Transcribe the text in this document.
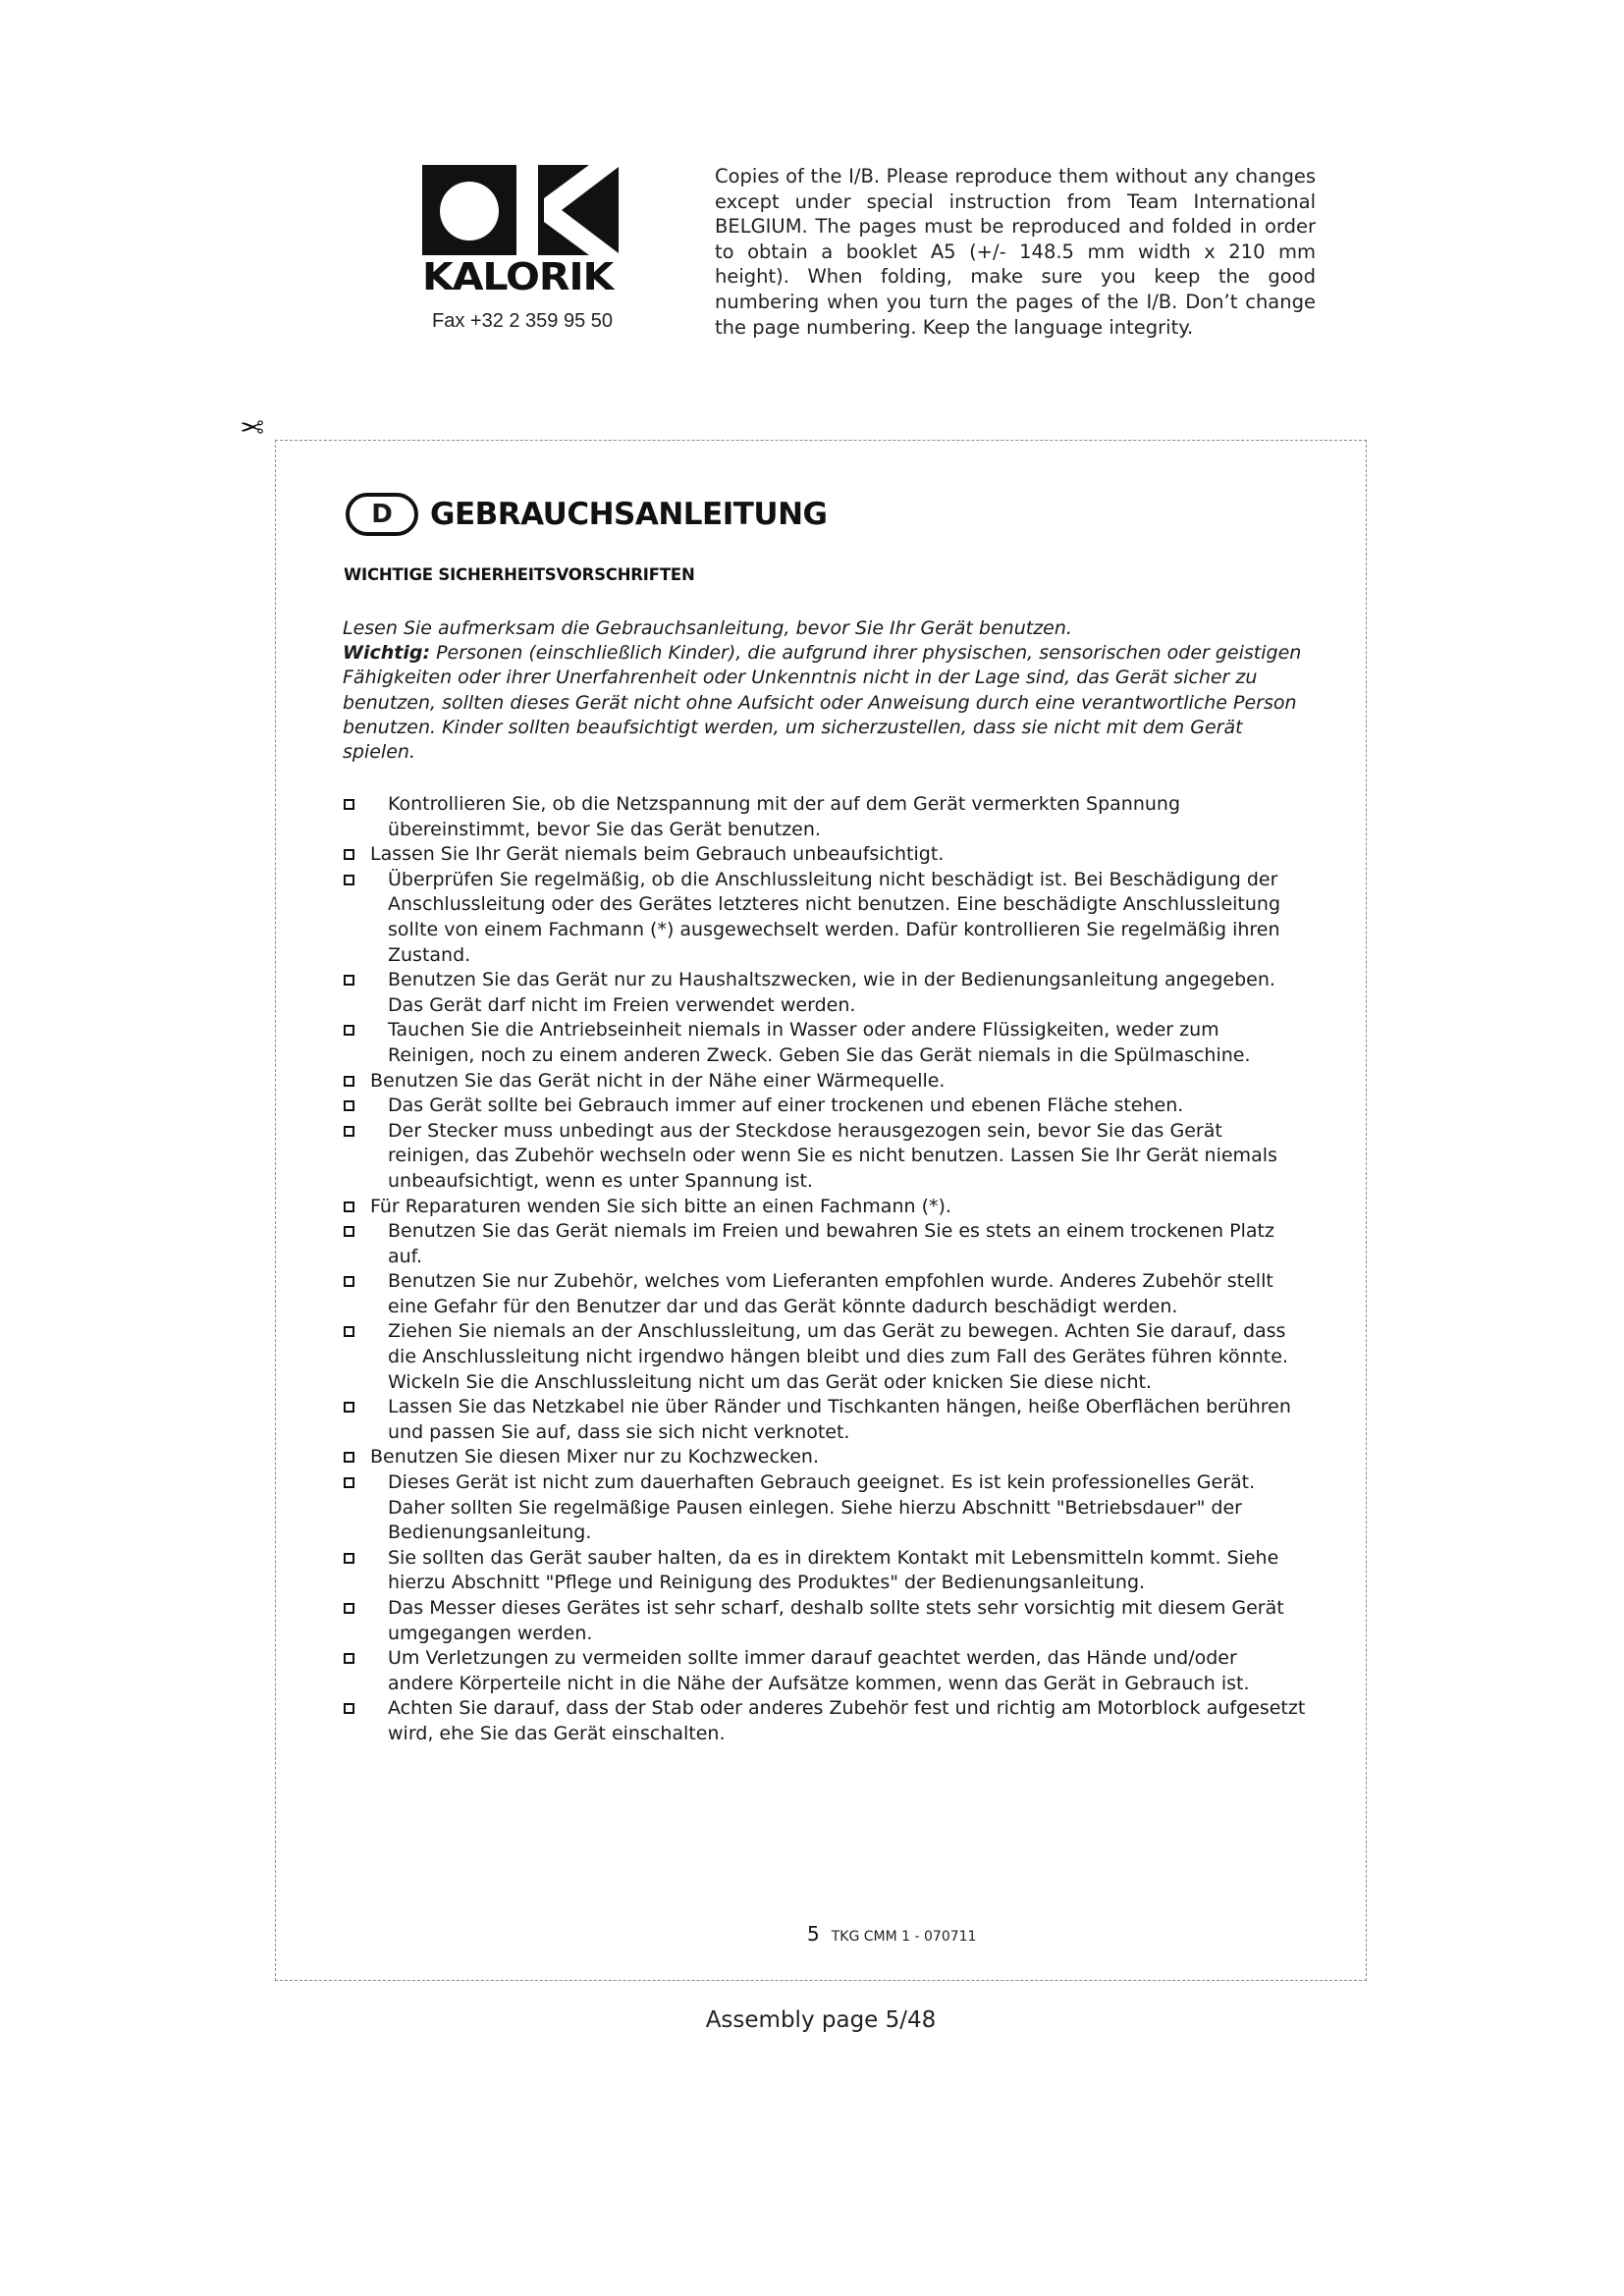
KALORIK
Fax +32 2 359 95 50
Copies of the I/B. Please reproduce them without any changes except under special instruction from Team International BELGIUM. The pages must be reproduced and folded in order to obtain a booklet A5 (+/- 148.5 mm width x 210 mm height). When folding, make sure you keep the good numbering when you turn the pages of the I/B. Don’t change the page numbering. Keep the language integrity.
✂
D	GEBRAUCHSANLEITUNG
WICHTIGE SICHERHEITSVORSCHRIFTEN

Lesen Sie aufmerksam die Gebrauchsanleitung, bevor Sie Ihr Gerät benutzen.

Wichtig: Personen (einschließlich Kinder), die aufgrund ihrer physischen, sensorischen oder geistigen Fähigkeiten oder ihrer Unerfahrenheit oder Unkenntnis nicht in der Lage sind, das Gerät sicher zu benutzen, sollten dieses Gerät nicht ohne Aufsicht oder Anweisung durch eine verantwortliche Person benutzen. Kinder sollten beaufsichtigt werden, um sicherzustellen, dass sie nicht mit dem Gerät spielen.

Kontrollieren Sie, ob die Netzspannung mit der auf dem Gerät vermerkten Spannung übereinstimmt, bevor Sie das Gerät benutzen.
Lassen Sie Ihr Gerät niemals beim Gebrauch unbeaufsichtigt.
Überprüfen Sie regelmäßig, ob die Anschlussleitung nicht beschädigt ist. Bei Beschädigung der Anschlussleitung oder des Gerätes letzteres nicht benutzen. Eine beschädigte Anschlussleitung sollte von einem Fachmann (*) ausgewechselt werden. Dafür kontrollieren Sie regelmäßig ihren Zustand.
Benutzen Sie das Gerät nur zu Haushaltszwecken, wie in der Bedienungsanleitung angegeben. Das Gerät darf nicht im Freien verwendet werden.
Tauchen Sie die Antriebseinheit niemals in Wasser oder andere Flüssigkeiten, weder zum Reinigen, noch zu einem anderen Zweck. Geben Sie das Gerät niemals in die Spülmaschine.
Benutzen Sie das Gerät nicht in der Nähe einer Wärmequelle.
Das Gerät sollte bei Gebrauch immer auf einer trockenen und ebenen Fläche stehen.
Der Stecker muss unbedingt aus der Steckdose herausgezogen sein, bevor Sie das Gerät reinigen, das Zubehör wechseln oder wenn Sie es nicht benutzen. Lassen Sie Ihr Gerät niemals unbeaufsichtigt, wenn es unter Spannung ist.
Für Reparaturen wenden Sie sich bitte an einen Fachmann (*).
Benutzen Sie das Gerät niemals im Freien und bewahren Sie es stets an einem trockenen Platz auf.
Benutzen Sie nur Zubehör, welches vom Lieferanten empfohlen wurde. Anderes Zubehör stellt eine Gefahr für den Benutzer dar und das Gerät könnte dadurch beschädigt werden.
Ziehen Sie niemals an der Anschlussleitung, um das Gerät zu bewegen. Achten Sie darauf, dass die Anschlussleitung nicht irgendwo hängen bleibt und dies zum Fall des Gerätes führen könnte. Wickeln Sie die Anschlussleitung nicht um das Gerät oder knicken Sie diese nicht.
Lassen Sie das Netzkabel nie über Ränder und Tischkanten hängen, heiße Oberflächen berühren und passen Sie auf, dass sie sich nicht verknotet.
Benutzen Sie diesen Mixer nur zu Kochzwecken.
Dieses Gerät ist nicht zum dauerhaften Gebrauch geeignet. Es ist kein professionelles Gerät. Daher sollten Sie regelmäßige Pausen einlegen. Siehe hierzu Abschnitt "Betriebsdauer" der Bedienungsanleitung.
Sie sollten das Gerät sauber halten, da es in direktem Kontakt mit Lebensmitteln kommt. Siehe hierzu Abschnitt "Pflege und Reinigung des Produktes" der Bedienungsanleitung.
Das Messer dieses Gerätes ist sehr scharf, deshalb sollte stets sehr vorsichtig mit diesem Gerät umgegangen werden.
Um Verletzungen zu vermeiden sollte immer darauf geachtet werden, das Hände und/oder andere Körperteile nicht in die Nähe der Aufsätze kommen, wenn das Gerät in Gebrauch ist.
Achten Sie darauf, dass der Stab oder anderes Zubehör fest und richtig am Motorblock aufgesetzt wird, ehe Sie das Gerät einschalten.
5 TKG CMM 1 - 070711
Assembly page 5/48
